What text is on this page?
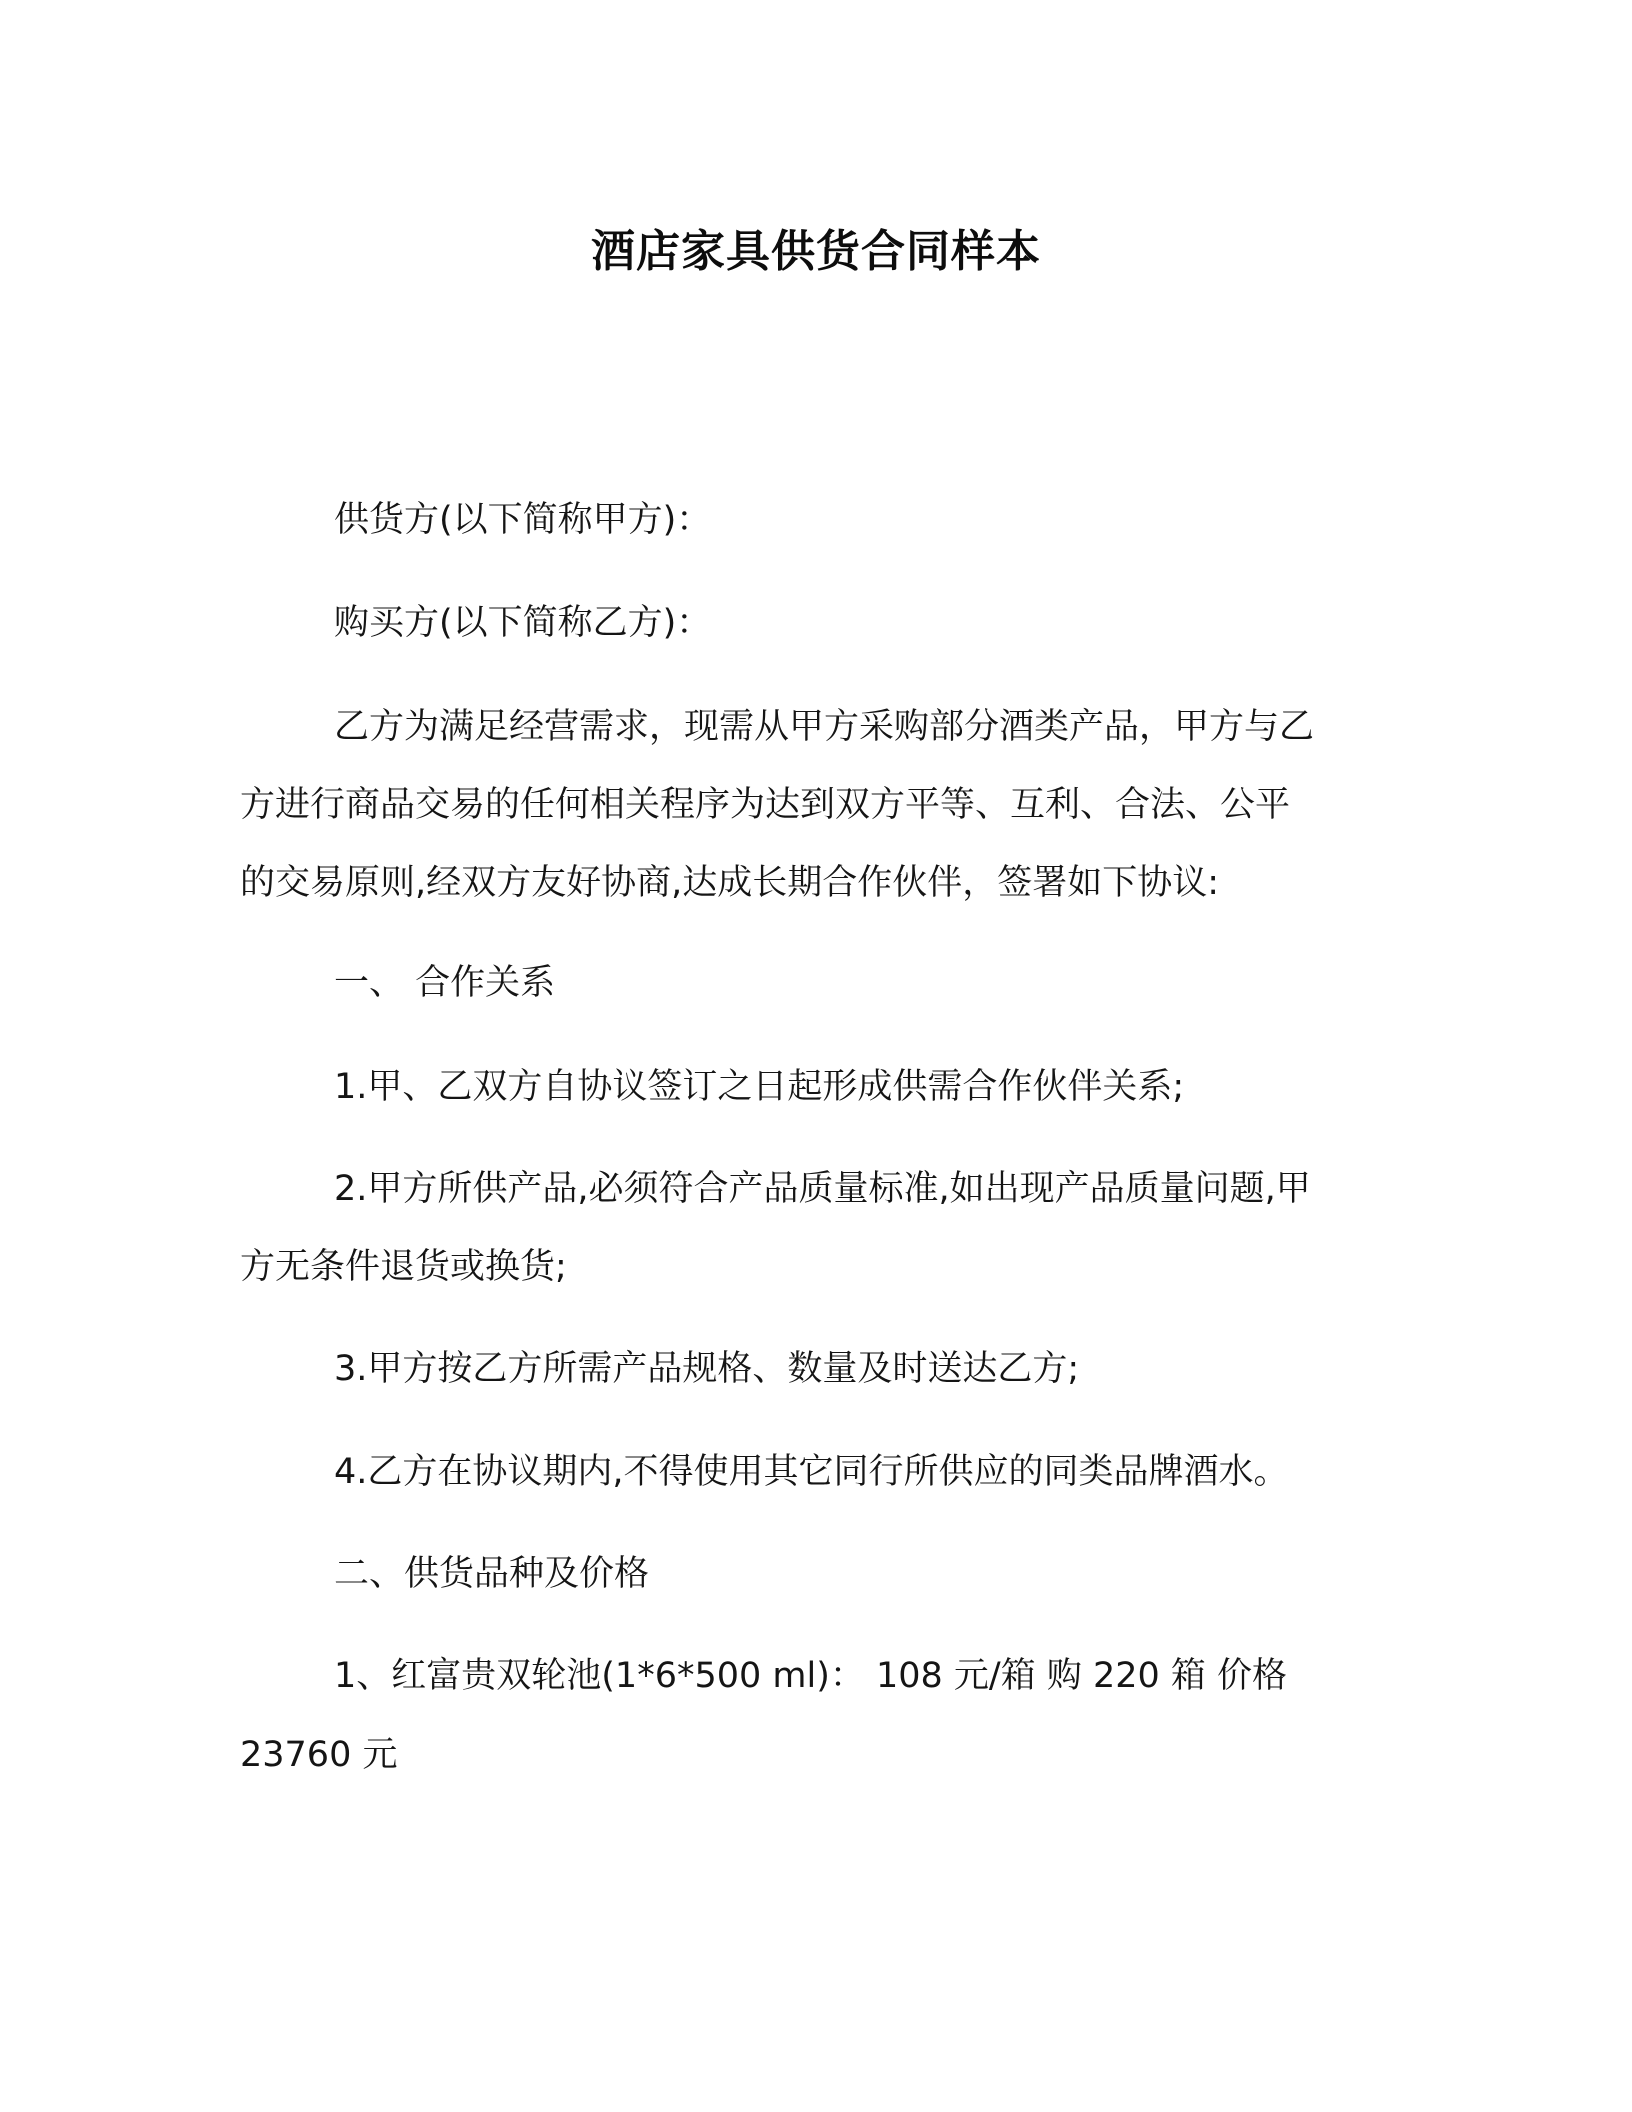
酒店家具供货合同样本
供货方(以下简称甲方)：
购买方(以下简称乙方)：
乙方为满足经营需求，现需从甲方采购部分酒类产品，甲方与乙
方进行商品交易的任何相关程序为达到双方平等、互利、合法、公平
的交易原则,经双方友好协商,达成长期合作伙伴，签署如下协议:
一、 合作关系
1.甲、乙双方自协议签订之日起形成供需合作伙伴关系;
2.甲方所供产品,必须符合产品质量标准,如出现产品质量问题,甲
方无条件退货或换货;
3.甲方按乙方所需产品规格、数量及时送达乙方;
4.乙方在协议期内,不得使用其它同行所供应的同类品牌酒水。
二、供货品种及价格
1、红富贵双轮池(1*6*500 ml)： 108 元/箱 购 220 箱 价格
23760 元
